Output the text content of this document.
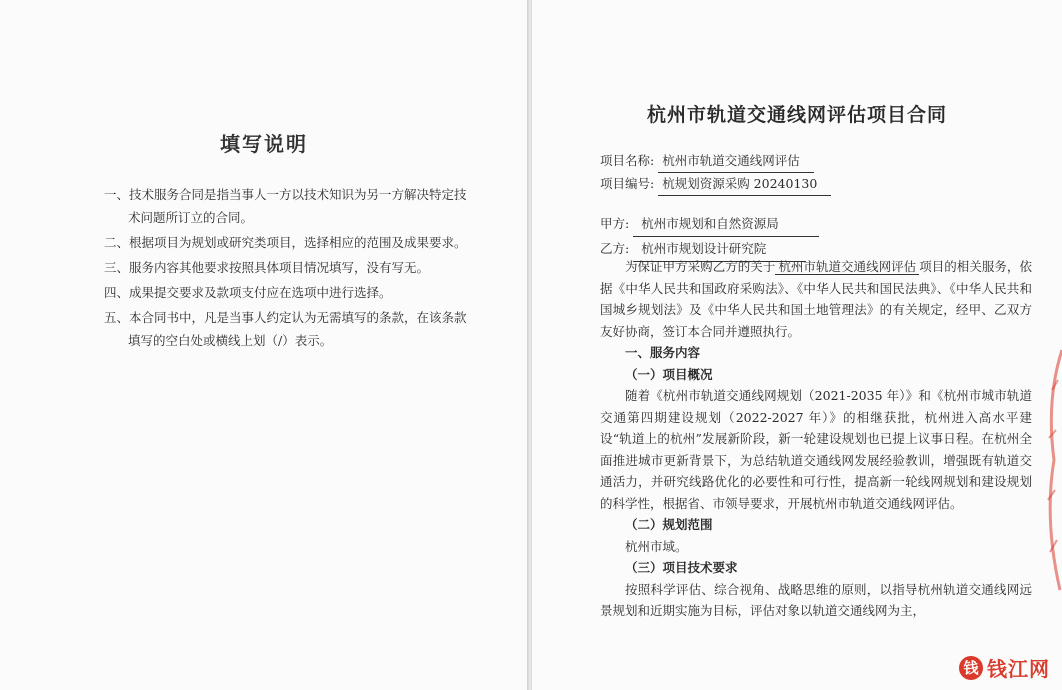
填写说明

一、技术服务合同是指当事人一方以技术知识为另一方解决特定技术问题所订立的合同。

二、根据项目为规划或研究类项目，选择相应的范围及成果要求。

三、服务内容其他要求按照具体项目情况填写，没有写无。

四、成果提交要求及款项支付应在选项中进行选择。

五、本合同书中，凡是当事人约定认为无需填写的条款，在该条款填写的空白处或横线上划（/）表示。

杭州市轨道交通线网评估项目合同
项目名称: 杭州市轨道交通线网评估
项目编号: 杭规划资源采购 20240130
甲方: 杭州市规划和自然资源局
乙方: 杭州市规划设计研究院

为保证甲方采购乙方的关于 杭州市轨道交通线网评估 项目的相关服务，依据《中华人民共和国政府采购法》、《中华人民共和国民法典》、《中华人民共和国城乡规划法》及《中华人民共和国土地管理法》的有关规定，经甲、乙双方友好协商，签订本合同并遵照执行。

一、服务内容

（一）项目概况

随着《杭州市轨道交通线网规划（2021-2035 年）》和《杭州市城市轨道交通第四期建设规划（2022-2027 年）》的相继获批，杭州进入高水平建设“轨道上的杭州”发展新阶段，新一轮建设规划也已提上议事日程。在杭州全面推进城市更新背景下，为总结轨道交通线网发展经验教训，增强既有轨道交通活力，并研究线路优化的必要性和可行性，提高新一轮线网规划和建设规划的科学性，根据省、市领导要求，开展杭州市轨道交通线网评估。

（二）规划范围

杭州市域。

（三）项目技术要求

按照科学评估、综合视角、战略思维的原则，以指导杭州轨道交通线网远景规划和近期实施为目标，评估对象以轨道交通线网为主，

钱 钱江网
